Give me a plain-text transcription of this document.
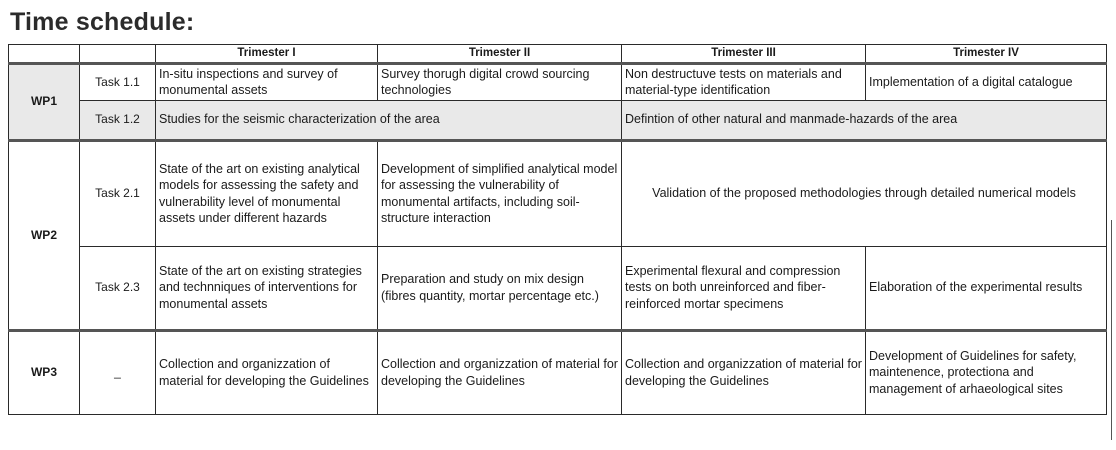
Time schedule:
		Trimester I	Trimester II	Trimester III	Trimester IV
WP1	Task 1.1	In-situ inspections and survey of monumental assets	Survey thorugh digital crowd sourcing technologies	Non destructuve tests on materials and material-type identification	Implementation of a digital catalogue
	Task 1.2	Studies for the seismic characterization of the area		Defintion of other natural and manmade-hazards of the area	
WP2	Task 2.1	State of the art on existing analytical models for assessing the safety and vulnerability level of monumental assets under different hazards	Development of simplified analytical model for assessing the vulnerability of monumental artifacts, including soil-structure interaction	Validation of the proposed methodologies through detailed numerical models	
	Task 2.3	State of the art on existing strategies and technniques of interventions for monumental assets	Preparation and study on mix design (fibres quantity, mortar percentage etc.)	Experimental flexural and compression tests on both unreinforced and fiber-reinforced mortar specimens	Elaboration of the experimental results
WP3	_	Collection and organizzation of material for developing the Guidelines	Collection and organizzation of material for developing the Guidelines	Collection and organizzation of material for developing the Guidelines	Development of Guidelines for safety, maintenence, protectiona and management of arhaeological sites
